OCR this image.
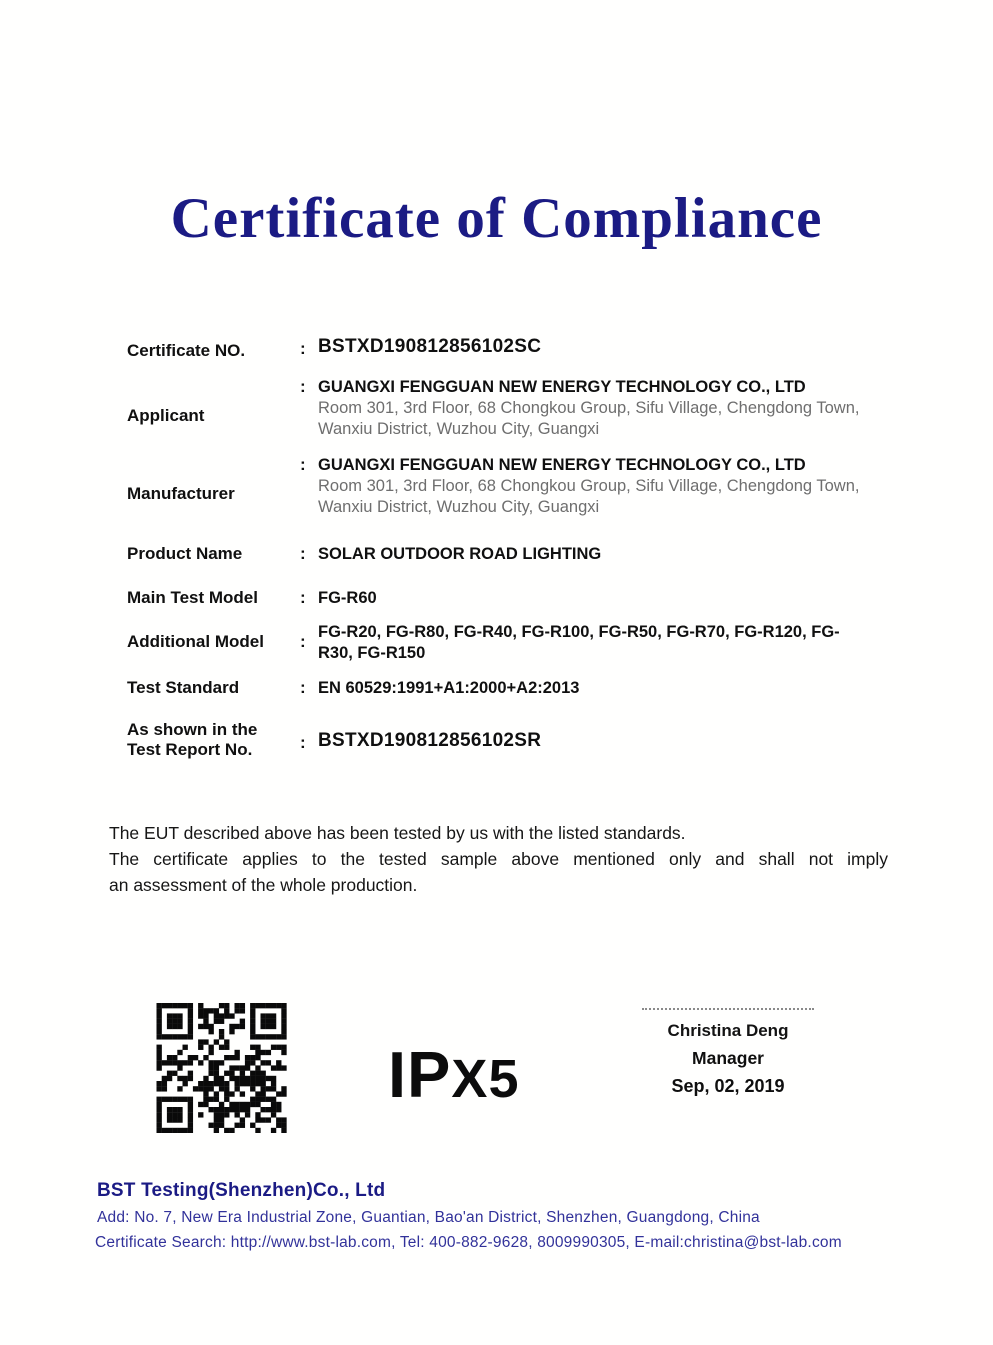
Certificate of Compliance
Certificate NO.	: BSTXD190812856102SC
Applicant
: GUANGXI FENGGUAN NEW ENERGY TECHNOLOGY CO., LTD
Room 301, 3rd Floor, 68 Chongkou Group, Sifu Village, Chengdong Town, Wanxiu District, Wuzhou City, Guangxi
Manufacturer
: GUANGXI FENGGUAN NEW ENERGY TECHNOLOGY CO., LTD
Room 301, 3rd Floor, 68 Chongkou Group, Sifu Village, Chengdong Town, Wanxiu District, Wuzhou City, Guangxi
Product Name	: SOLAR OUTDOOR ROAD LIGHTING
Main Test Model	: FG-R60
Additional Model	: FG-R20, FG-R80, FG-R40, FG-R100, FG-R50, FG-R70, FG-R120, FG-R30, FG-R150
Test Standard	: EN 60529:1991+A1:2000+A2:2013
As shown in the Test Report No.	: BSTXD190812856102SR
The EUT described above has been tested by us with the listed standards.
The certificate applies to the tested sample above mentioned only and shall not imply
an assessment of the whole production.
IPX5
Christina Deng
Manager
Sep, 02, 2019
BST Testing(Shenzhen)Co., Ltd
Add: No. 7, New Era Industrial Zone, Guantian, Bao'an District, Shenzhen, Guangdong, China
Certificate Search: http://www.bst-lab.com, Tel: 400-882-9628, 8009990305, E-mail:christina@bst-lab.com
